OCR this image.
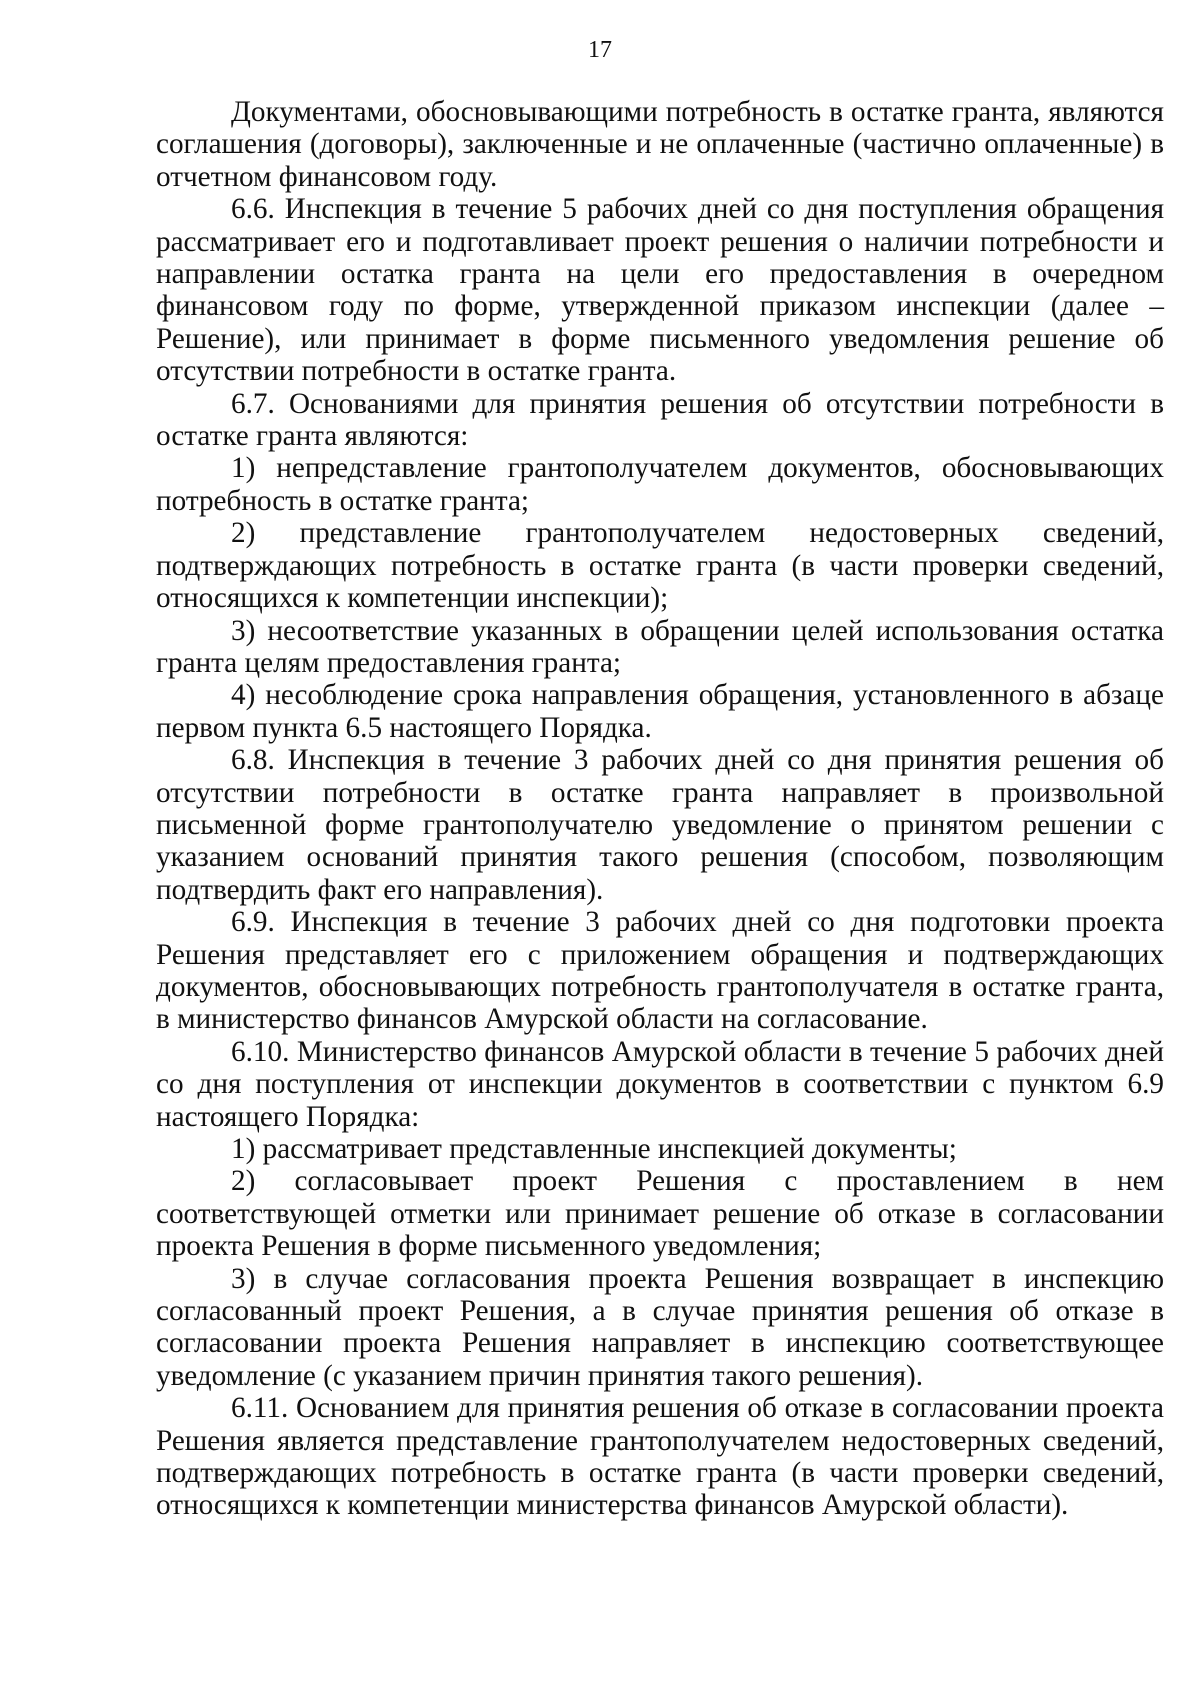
17

Документами, обосновывающими потребность в остатке гранта, являются соглашения (договоры), заключенные и не оплаченные (частично оплаченные) в отчетном финансовом году.

6.6. Инспекция в течение 5 рабочих дней со дня поступления обращения рассматривает его и подготавливает проект решения о наличии потребности и направлении остатка гранта на цели его предоставления в очередном финансовом году по форме, утвержденной приказом инспекции (далее – Решение), или принимает в форме письменного уведомления решение об отсутствии потребности в остатке гранта.

6.7. Основаниями для принятия решения об отсутствии потребности в остатке гранта являются:

1) непредставление грантополучателем документов, обосновывающих потребность в остатке гранта;

2) представление грантополучателем недостоверных сведений, подтверждающих потребность в остатке гранта (в части проверки сведений, относящихся к компетенции инспекции);

3) несоответствие указанных в обращении целей использования остатка гранта целям предоставления гранта;

4) несоблюдение срока направления обращения, установленного в абзаце первом пункта 6.5 настоящего Порядка.

6.8. Инспекция в течение 3 рабочих дней со дня принятия решения об отсутствии потребности в остатке гранта направляет в произвольной письменной форме грантополучателю уведомление о принятом решении с указанием оснований принятия такого решения (способом, позволяющим подтвердить факт его направления).

6.9. Инспекция в течение 3 рабочих дней со дня подготовки проекта Решения представляет его с приложением обращения и подтверждающих документов, обосновывающих потребность грантополучателя в остатке гранта, в министерство финансов Амурской области на согласование.

6.10. Министерство финансов Амурской области в течение 5 рабочих дней со дня поступления от инспекции документов в соответствии с пунктом 6.9 настоящего Порядка:

1) рассматривает представленные инспекцией документы;

2) согласовывает проект Решения с проставлением в нем соответствующей отметки или принимает решение об отказе в согласовании проекта Решения в форме письменного уведомления;

3) в случае согласования проекта Решения возвращает в инспекцию согласованный проект Решения, а в случае принятия решения об отказе в согласовании проекта Решения направляет в инспекцию соответствующее уведомление (с указанием причин принятия такого решения).

6.11. Основанием для принятия решения об отказе в согласовании проекта Решения является представление грантополучателем недостоверных сведений, подтверждающих потребность в остатке гранта (в части проверки сведений, относящихся к компетенции министерства финансов Амурской области).
